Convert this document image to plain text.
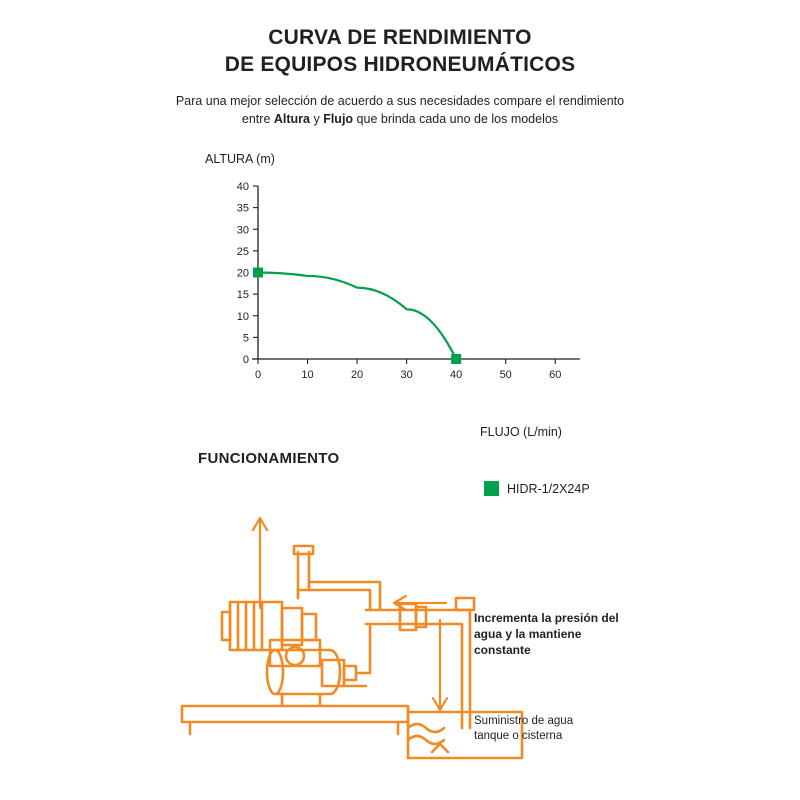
CURVA DE RENDIMIENTO
DE EQUIPOS HIDRONEUMÁTICOS
Para una mejor selección de acuerdo a sus necesidades compare el rendimiento entre Altura y Flujo que brinda cada uno de los modelos
ALTURA (m)
FLUJO (L/min)
0
5
10
15
20
25
30
35
40
0	10	20	30	40	50	60
FUNCIONAMIENTO
HIDR-1/2X24P
Incrementa la presión del agua y la mantiene constante
Suministro de agua
tanque o cisterna
